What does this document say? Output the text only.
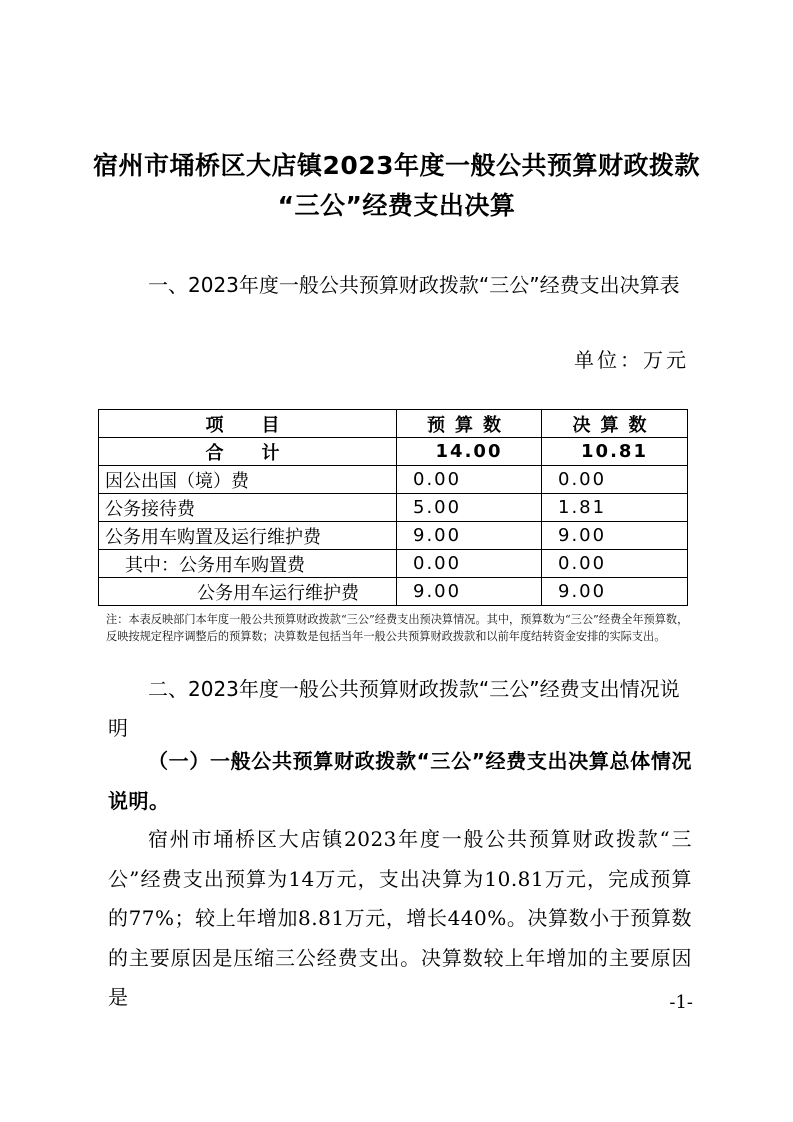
宿州市埇桥区大店镇2023年度一般公共预算财政拨款
“三公”经费支出决算
一、2023年度一般公共预算财政拨款“三公”经费支出决算表
单位：万元
项　目	预算数	决算数
合　计	14.00	10.81
因公出国（境）费	0.00	0.00
公务接待费	5.00	1.81
公务用车购置及运行维护费	9.00	9.00
其中：公务用车购置费	0.00	0.00
公务用车运行维护费	9.00	9.00
注：本表反映部门本年度一般公共预算财政拨款“三公”经费支出预决算情况。其中，预算数为“三公”经费全年预算数，反映按规定程序调整后的预算数；决算数是包括当年一般公共预算财政拨款和以前年度结转资金安排的实际支出。
二、2023年度一般公共预算财政拨款“三公”经费支出情况说明
（一）一般公共预算财政拨款“三公”经费支出决算总体情况说明。
宿州市埇桥区大店镇2023年度一般公共预算财政拨款“三公”经费支出预算为14万元，支出决算为10.81万元，完成预算的77%；较上年增加8.81万元，增长440%。决算数小于预算数的主要原因是压缩三公经费支出。决算数较上年增加的主要原因是	-1-
